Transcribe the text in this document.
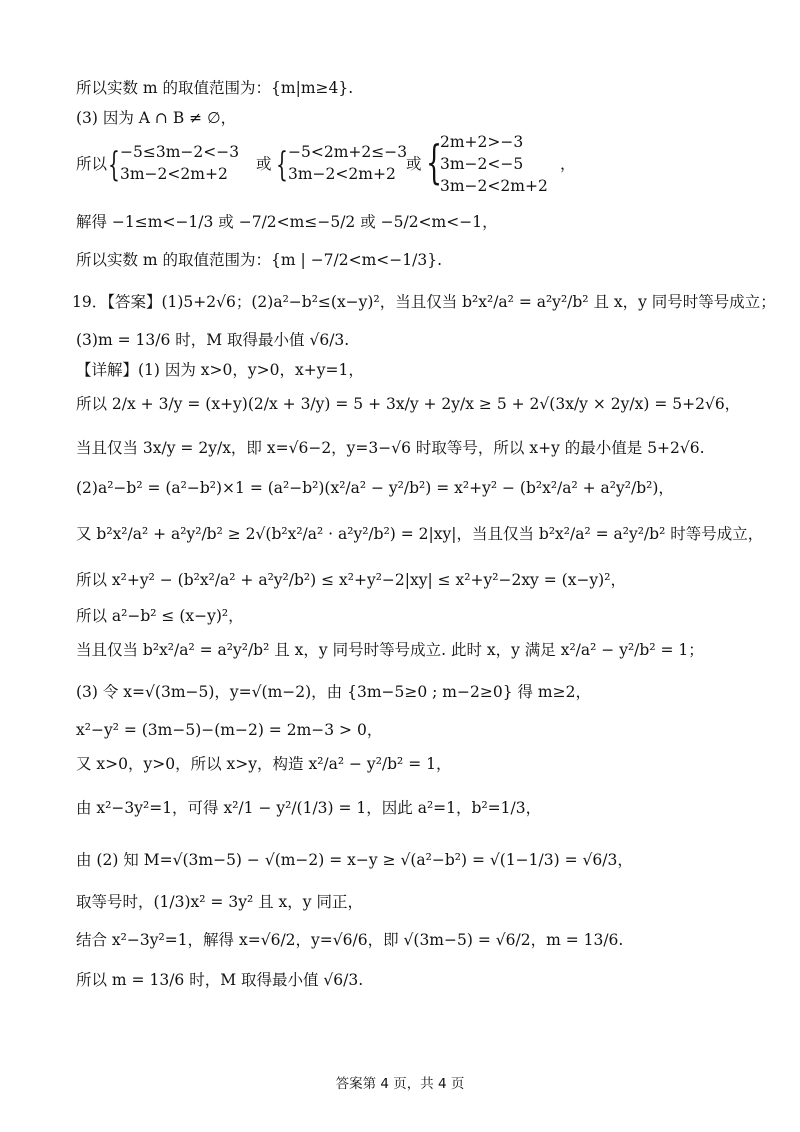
所以实数 m 的取值范围为：{m|m≥4}.
(3) 因为 A ∩ B ≠ ∅，
所以 { −5≤3m−2<−3
3m−2<2m+2
或 { −5<2m+2≤−3
3m−2<2m+2
或 {
2m+2>−3
3m−2<−5
3m−2<2m+2
，
解得 −1≤m<−1/3 或 −7/2<m≤−5/2 或 −5/2<m<−1，
所以实数 m 的取值范围为：{m | −7/2<m<−1/3}.
19．【答案】(1)5+2√6；(2)a²−b²≤(x−y)²，当且仅当 b²x²/a² = a²y²/b² 且 x，y 同号时等号成立；
(3)m = 13/6 时，M 取得最小值 √6/3.
【详解】(1) 因为 x>0，y>0，x+y=1，
所以 2/x + 3/y = (x+y)(2/x + 3/y) = 5 + 3x/y + 2y/x ≥ 5 + 2√(3x/y × 2y/x) = 5+2√6，
当且仅当 3x/y = 2y/x，即 x=√6−2，y=3−√6 时取等号，所以 x+y 的最小值是 5+2√6.
(2)a²−b² = (a²−b²)×1 = (a²−b²)(x²/a² − y²/b²) = x²+y² − (b²x²/a² + a²y²/b²)，
又 b²x²/a² + a²y²/b² ≥ 2√(b²x²/a² · a²y²/b²) = 2|xy|，当且仅当 b²x²/a² = a²y²/b² 时等号成立，
所以 x²+y² − (b²x²/a² + a²y²/b²) ≤ x²+y²−2|xy| ≤ x²+y²−2xy = (x−y)²，
所以 a²−b² ≤ (x−y)²，
当且仅当 b²x²/a² = a²y²/b² 且 x，y 同号时等号成立. 此时 x，y 满足 x²/a² − y²/b² = 1；
(3) 令 x=√(3m−5)，y=√(m−2)，由 {3m−5≥0 ; m−2≥0} 得 m≥2，
x²−y² = (3m−5)−(m−2) = 2m−3 > 0，
又 x>0，y>0，所以 x>y，构造 x²/a² − y²/b² = 1，
由 x²−3y²=1，可得 x²/1 − y²/(1/3) = 1，因此 a²=1，b²=1/3，
由 (2) 知 M=√(3m−5) − √(m−2) = x−y ≥ √(a²−b²) = √(1−1/3) = √6/3，
取等号时，(1/3)x² = 3y² 且 x，y 同正，
结合 x²−3y²=1，解得 x=√6/2，y=√6/6，即 √(3m−5) = √6/2，m = 13/6.
所以 m = 13/6 时，M 取得最小值 √6/3.
答案第 4 页，共 4 页
